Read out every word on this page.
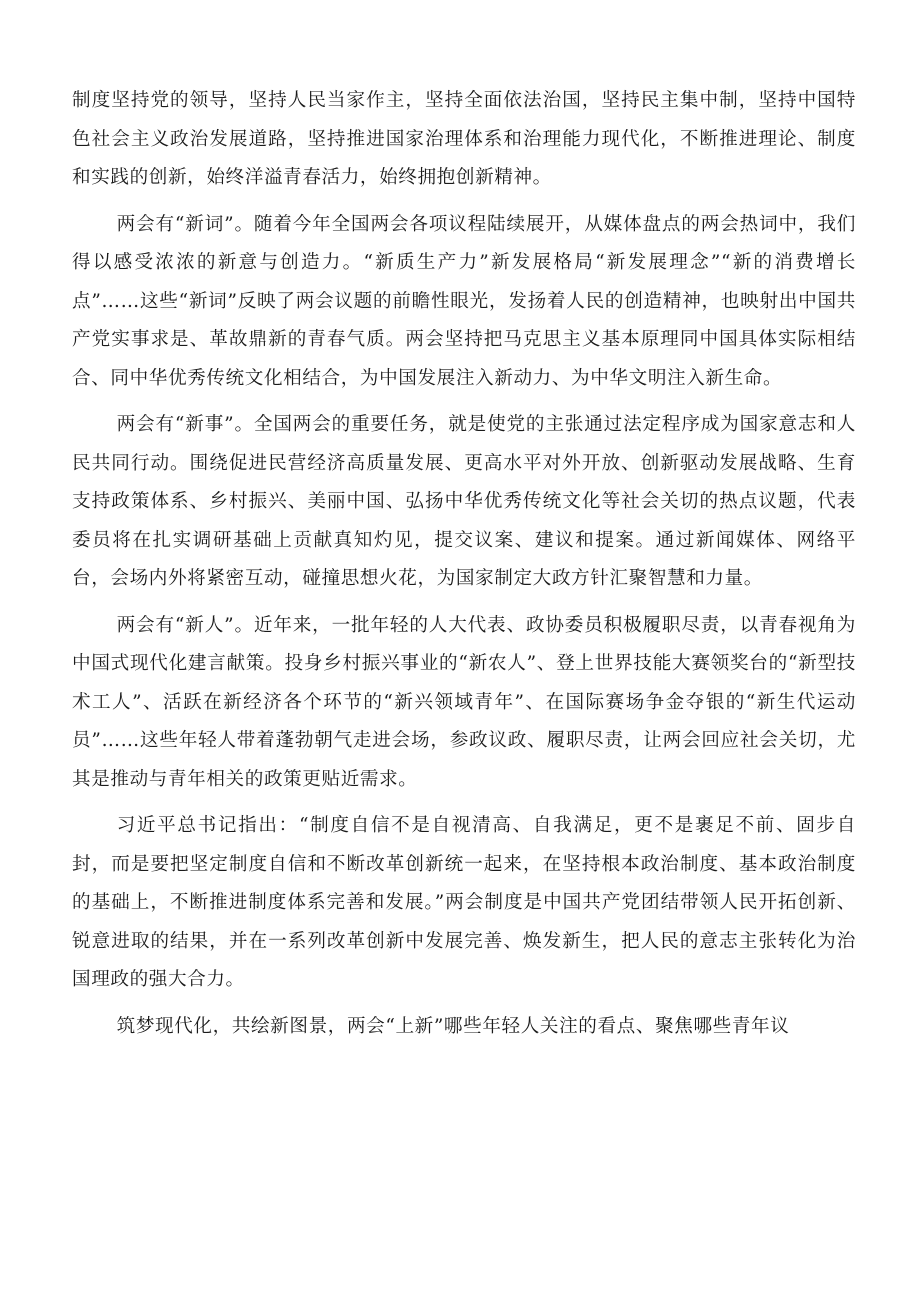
制度坚持党的领导，坚持人民当家作主，坚持全面依法治国，坚持民主集中制，坚持中国特色社会主义政治发展道路，坚持推进国家治理体系和治理能力现代化，不断推进理论、制度和实践的创新，始终洋溢青春活力，始终拥抱创新精神。

两会有“新词”。随着今年全国两会各项议程陆续展开，从媒体盘点的两会热词中，我们得以感受浓浓的新意与创造力。“新质生产力”新发展格局“新发展理念”“新的消费增长点”……这些“新词”反映了两会议题的前瞻性眼光，发扬着人民的创造精神，也映射出中国共产党实事求是、革故鼎新的青春气质。两会坚持把马克思主义基本原理同中国具体实际相结合、同中华优秀传统文化相结合，为中国发展注入新动力、为中华文明注入新生命。

两会有“新事”。全国两会的重要任务，就是使党的主张通过法定程序成为国家意志和人民共同行动。围绕促进民营经济高质量发展、更高水平对外开放、创新驱动发展战略、生育支持政策体系、乡村振兴、美丽中国、弘扬中华优秀传统文化等社会关切的热点议题，代表委员将在扎实调研基础上贡献真知灼见，提交议案、建议和提案。通过新闻媒体、网络平台，会场内外将紧密互动，碰撞思想火花，为国家制定大政方针汇聚智慧和力量。

两会有“新人”。近年来，一批年轻的人大代表、政协委员积极履职尽责，以青春视角为中国式现代化建言献策。投身乡村振兴事业的“新农人”、登上世界技能大赛领奖台的“新型技术工人”、活跃在新经济各个环节的“新兴领域青年”、在国际赛场争金夺银的“新生代运动员”……这些年轻人带着蓬勃朝气走进会场，参政议政、履职尽责，让两会回应社会关切，尤其是推动与青年相关的政策更贴近需求。

习近平总书记指出：“制度自信不是自视清高、自我满足，更不是裹足不前、固步自封，而是要把坚定制度自信和不断改革创新统一起来，在坚持根本政治制度、基本政治制度的基础上，不断推进制度体系完善和发展。”两会制度是中国共产党团结带领人民开拓创新、锐意进取的结果，并在一系列改革创新中发展完善、焕发新生，把人民的意志主张转化为治国理政的强大合力。

筑梦现代化，共绘新图景，两会“上新”哪些年轻人关注的看点、聚焦哪些青年议
